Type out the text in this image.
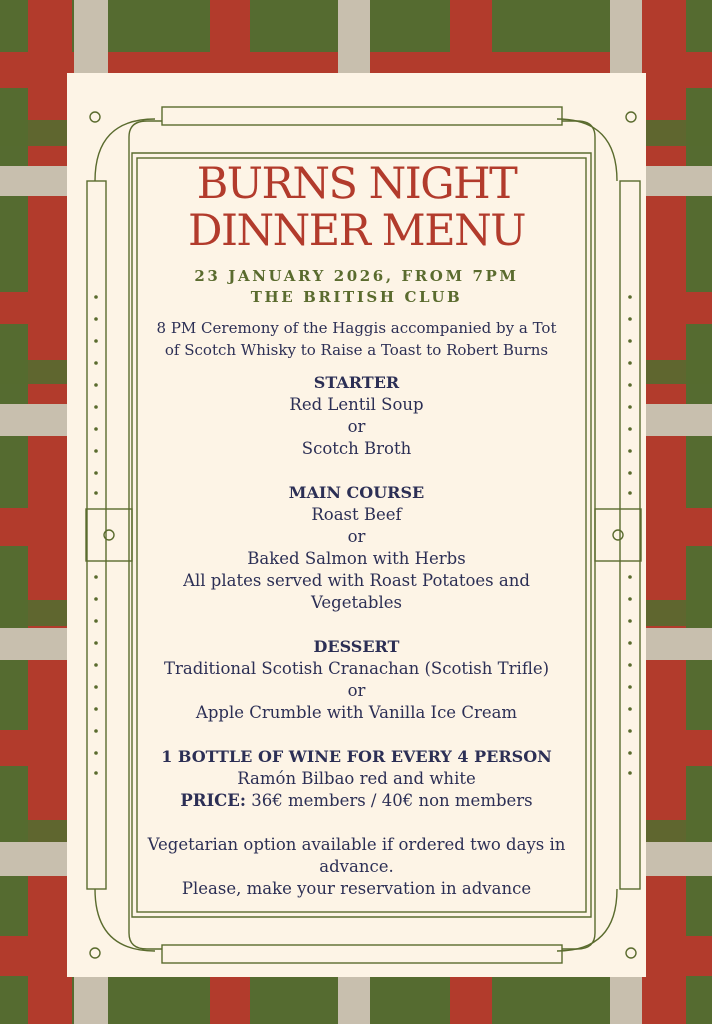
BURNS NIGHT
DINNER MENU
23 JANUARY 2026, FROM 7PM
THE BRITISH CLUB
8 PM Ceremony of the Haggis accompanied by a Tot
of Scotch Whisky to Raise a Toast to Robert Burns
STARTER
Red Lentil Soup
or
Scotch Broth
MAIN COURSE
Roast Beef
or
Baked Salmon with Herbs
All plates served with Roast Potatoes and
Vegetables
DESSERT
Traditional Scotish Cranachan (Scotish Trifle)
or
Apple Crumble with Vanilla Ice Cream
1 BOTTLE OF WINE FOR EVERY 4 PERSON
Ramón Bilbao red and white
PRICE: 36€ members / 40€ non members
Vegetarian option available if ordered two days in
advance.
Please, make your reservation in advance
